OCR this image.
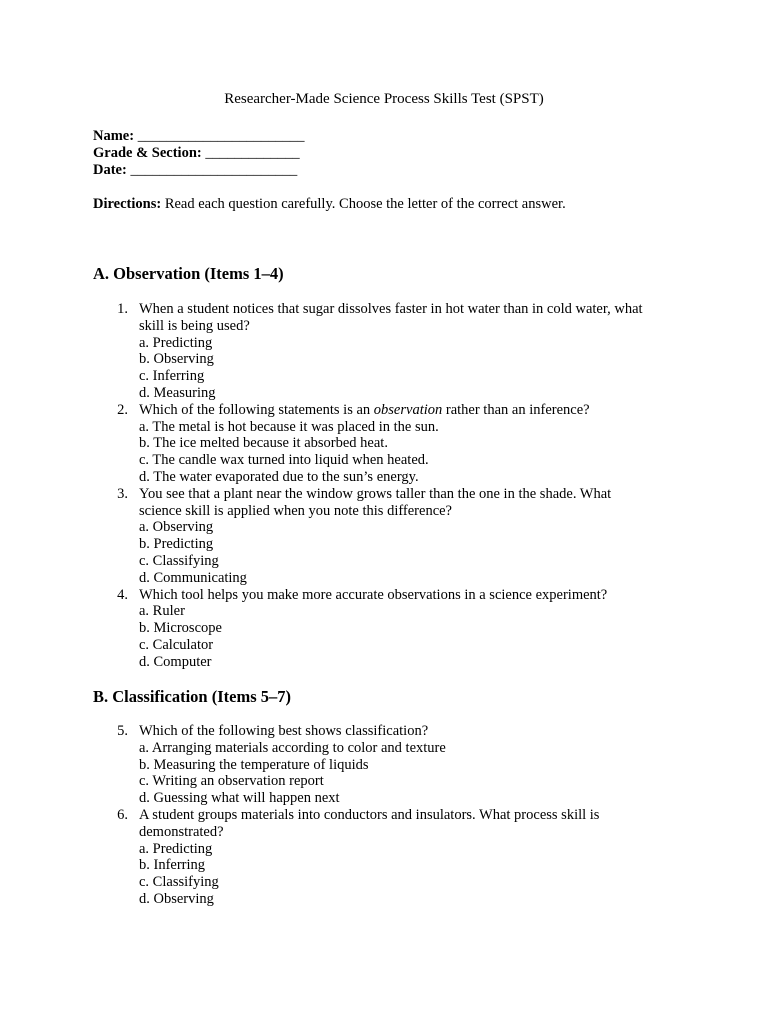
Researcher-Made Science Process Skills Test (SPST)
Name: _______________________
Grade & Section: _____________
Date: _______________________
Directions: Read each question carefully. Choose the letter of the correct answer.
A. Observation (Items 1–4)
1. When a student notices that sugar dissolves faster in hot water than in cold water, what skill is being used?
a. Predicting
b. Observing
c. Inferring
d. Measuring
2. Which of the following statements is an observation rather than an inference?
a. The metal is hot because it was placed in the sun.
b. The ice melted because it absorbed heat.
c. The candle wax turned into liquid when heated.
d. The water evaporated due to the sun’s energy.
3. You see that a plant near the window grows taller than the one in the shade. What science skill is applied when you note this difference?
a. Observing
b. Predicting
c. Classifying
d. Communicating
4. Which tool helps you make more accurate observations in a science experiment?
a. Ruler
b. Microscope
c. Calculator
d. Computer
B. Classification (Items 5–7)
5. Which of the following best shows classification?
a. Arranging materials according to color and texture
b. Measuring the temperature of liquids
c. Writing an observation report
d. Guessing what will happen next
6. A student groups materials into conductors and insulators. What process skill is demonstrated?
a. Predicting
b. Inferring
c. Classifying
d. Observing
